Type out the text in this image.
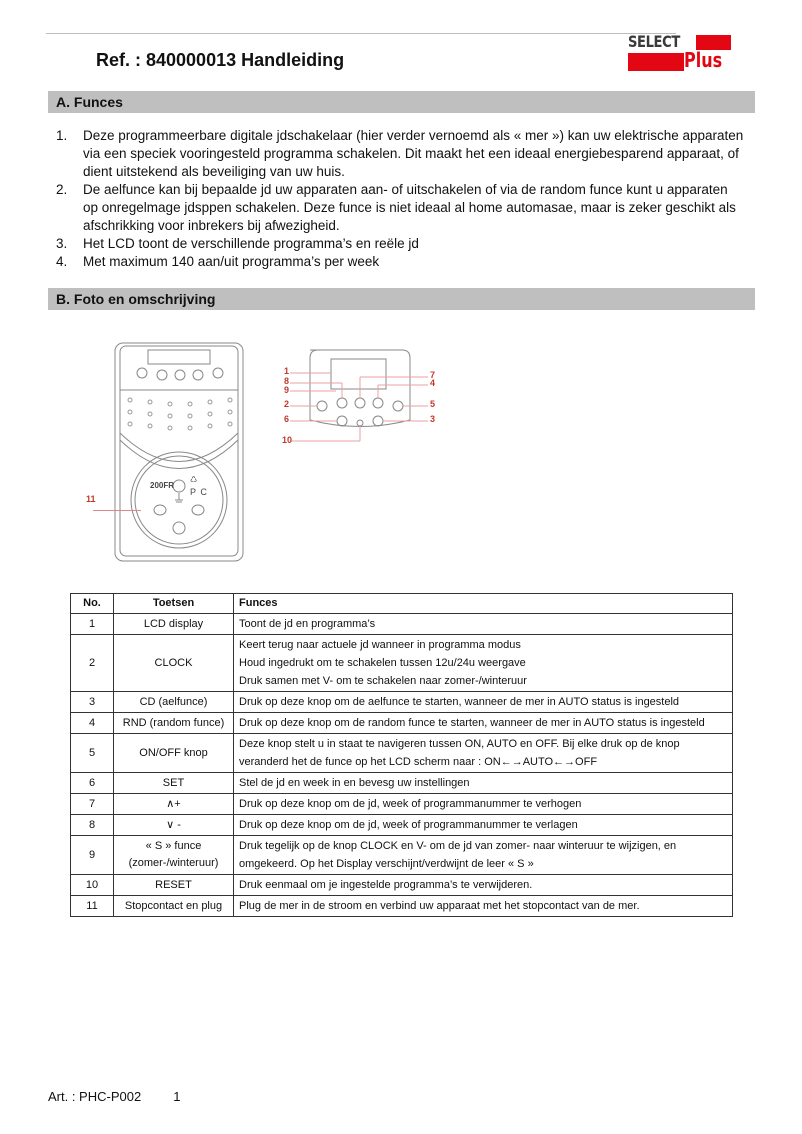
Ref. : 840000013 Handleiding
SELECT
Plus
A. Funces
1. Deze programmeerbare digitale jdschakelaar (hier verder vernoemd als « mer ») kan uw elektrische apparaten via een speciek vooringesteld programma schakelen. Dit maakt het een ideaal energiebesparend apparaat, of dient uitstekend als beveiliging van uw huis.
2. De aelfunce kan bij bepaalde jd uw apparaten aan- of uitschakelen of via de random funce kunt u apparaten op onregelmage jdsppen schakelen. Deze funce is niet ideaal al home automasae, maar is zeker geschikt als afschrikking voor inbrekers bij afwezigheid.
3. Het LCD toont de verschillende programma’s en reële jd
4. Met maximum 140 aan/uit programma’s per week
B. Foto en omschrijving
200FR
♺
P C
11
1
8
9
2
6
10
7
4
5
3
No.	Toetsen	Funces
1	LCD display	Toont de jd en programma’s

2	CLOCK	Keert terug naar actuele jd wanneer in programma modus
Houd ingedrukt om te schakelen tussen 12u/24u weergave
Druk samen met V- om te schakelen naar zomer-/winteruur

3	CD (aelfunce)	Druk op deze knop om de aelfunce te starten, wanneer de mer in AUTO status is ingesteld

4	RND (random funce)	Druk op deze knop om de random funce te starten, wanneer de mer in AUTO status is ingesteld

5	ON/OFF knop	Deze knop stelt u in staat te navigeren tussen ON, AUTO en OFF. Bij elke druk op de knop
veranderd het de funce op het LCD scherm naar : ON←→AUTO←→OFF

6	SET	Stel de jd en week in en bevesg uw instellingen

7	∧+	Druk op deze knop om de jd, week of programmanummer te verhogen

8	∨ -	Druk op deze knop om de jd, week of programmanummer te verlagen

9	« S » funce (zomer-/winteruur)	Druk tegelijk op de knop CLOCK en V- om de jd van zomer- naar winteruur te wijzigen, en
omgekeerd. Op het Display verschijnt/verdwijnt de leer « S »

10	RESET	Druk eenmaal om je ingestelde programma’s te verwijderen.

11	Stopcontact en plug	Plug de mer in de stroom en verbind uw apparaat met het stopcontact van de mer.
Art. : PHC-P002 1
